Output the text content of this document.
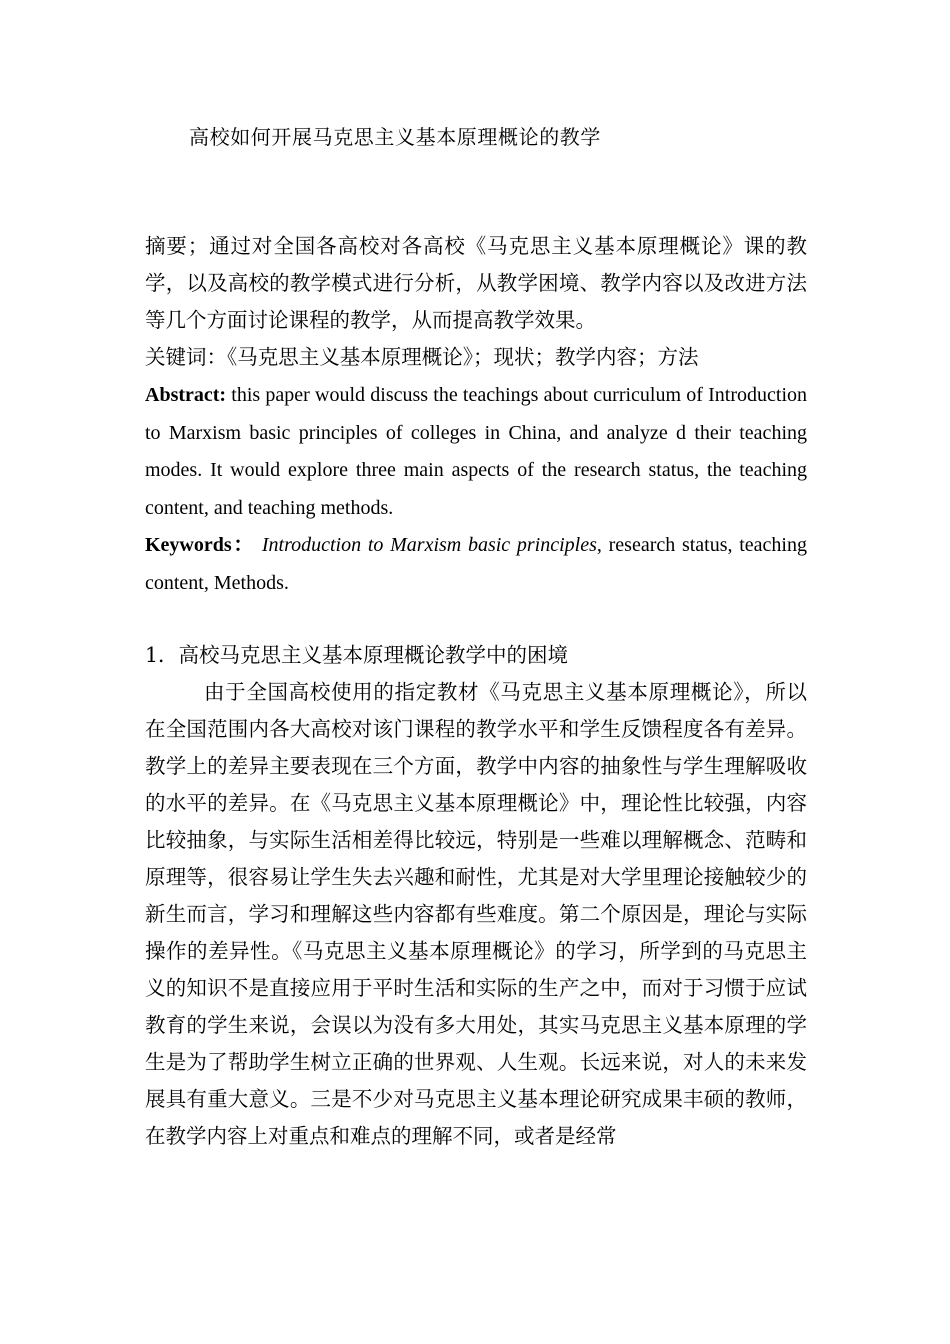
高校如何开展马克思主义基本原理概论的教学

摘要；通过对全国各高校对各高校《马克思主义基本原理概论》课的教学，以及高校的教学模式进行分析，从教学困境、教学内容以及改进方法等几个方面讨论课程的教学，从而提高教学效果。

关键词：《马克思主义基本原理概论》；现状；教学内容；方法

Abstract: this paper would discuss the teachings about curriculum of Introduction to Marxism basic principles of colleges in China, and analyze d their teaching modes. It would explore three main aspects of the research status, the teaching content, and teaching methods.

Keywords： Introduction to Marxism basic principles, research status, teaching content, Methods.

1．高校马克思主义基本原理概论教学中的困境

由于全国高校使用的指定教材《马克思主义基本原理概论》，所以在全国范围内各大高校对该门课程的教学水平和学生反馈程度各有差异。教学上的差异主要表现在三个方面，教学中内容的抽象性与学生理解吸收的水平的差异。在《马克思主义基本原理概论》中，理论性比较强，内容比较抽象，与实际生活相差得比较远，特别是一些难以理解概念、范畴和原理等，很容易让学生失去兴趣和耐性，尤其是对大学里理论接触较少的新生而言，学习和理解这些内容都有些难度。第二个原因是，理论与实际操作的差异性。《马克思主义基本原理概论》的学习，所学到的马克思主义的知识不是直接应用于平时生活和实际的生产之中，而对于习惯于应试教育的学生来说，会误以为没有多大用处，其实马克思主义基本原理的学生是为了帮助学生树立正确的世界观、人生观。长远来说，对人的未来发展具有重大意义。三是不少对马克思主义基本理论研究成果丰硕的教师，在教学内容上对重点和难点的理解不同，或者是经常
